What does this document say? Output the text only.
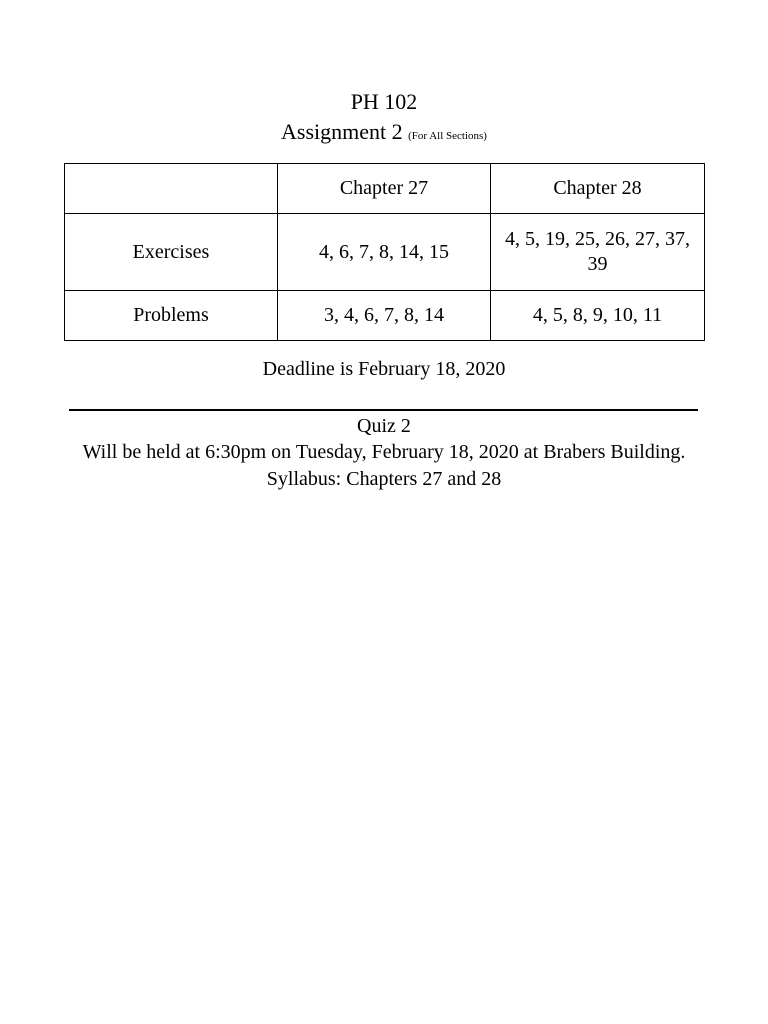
PH 102
Assignment 2 (For All Sections)
	Chapter 27	Chapter 28
Exercises	4, 6, 7, 8, 14, 15	4, 5, 19, 25, 26, 27, 37, 39
Problems	3, 4, 6, 7, 8, 14	4, 5, 8, 9, 10, 11
Deadline is February 18, 2020
Quiz 2
Will be held at 6:30pm on Tuesday, February 18, 2020 at Brabers Building. Syllabus: Chapters 27 and 28
